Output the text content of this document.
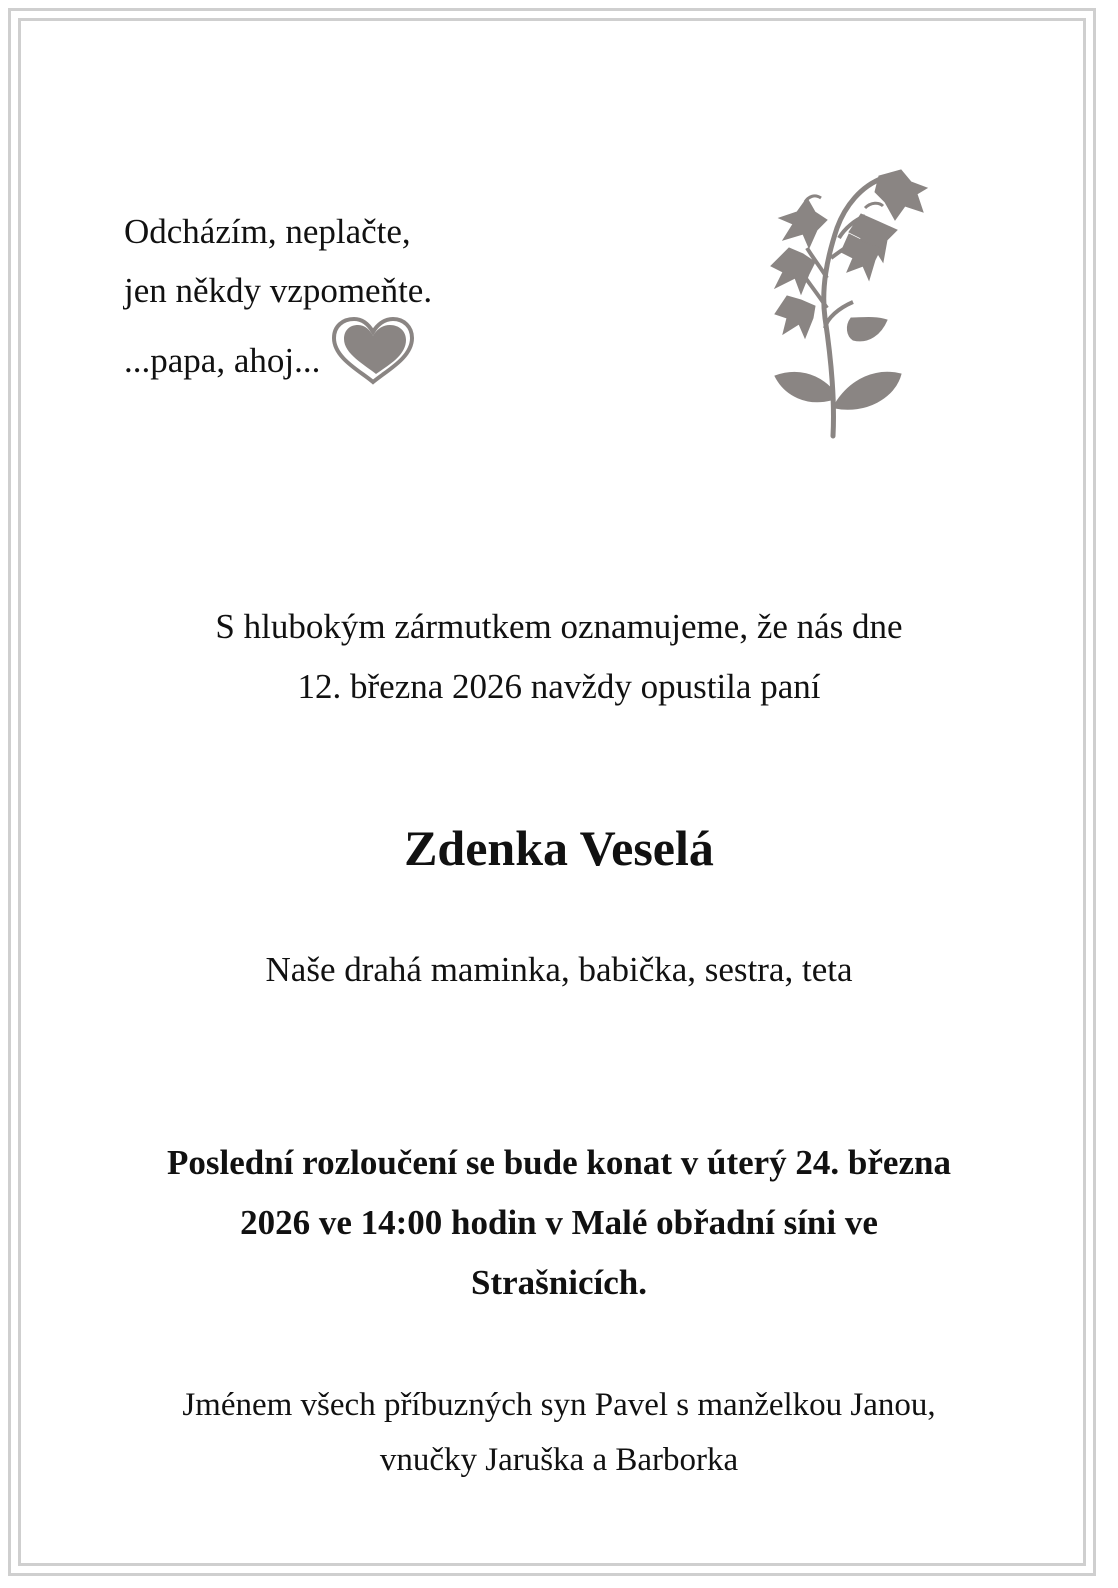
Odcházím, neplačte,
jen někdy vzpomeňte.
...papa, ahoj...
S hlubokým zármutkem oznamujeme, že nás dne
12. března 2026 navždy opustila paní
Zdenka Veselá
Naše drahá maminka, babička, sestra, teta
Poslední rozloučení se bude konat v úterý 24. března
2026 ve 14:00 hodin v Malé obřadní síni ve
Strašnicích.
Jménem všech příbuzných syn Pavel s manželkou Janou,
vnučky Jaruška a Barborka
